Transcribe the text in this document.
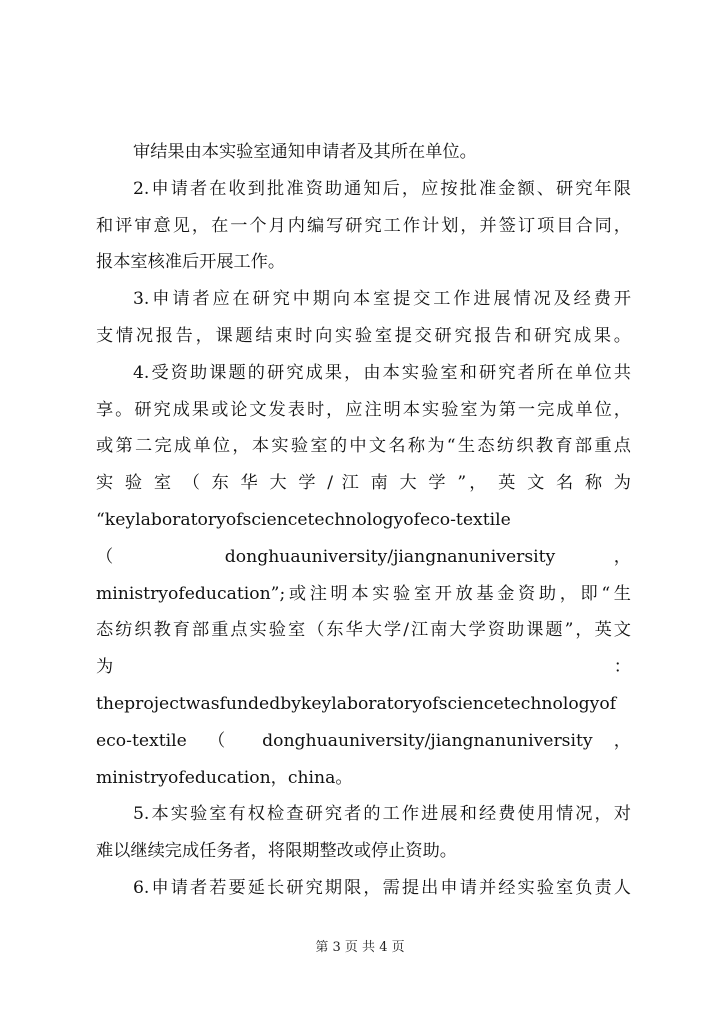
审结果由本实验室通知申请者及其所在单位。
2.申请者在收到批准资助通知后，应按批准金额、研究年限
和评审意见，在一个月内编写研究工作计划，并签订项目合同，
报本室核准后开展工作。
3.申请者应在研究中期向本室提交工作进展情况及经费开
支情况报告，课题结束时向实验室提交研究报告和研究成果。
4.受资助课题的研究成果，由本实验室和研究者所在单位共
享。研究成果或论文发表时，应注明本实验室为第一完成单位，
或第二完成单位，本实验室的中文名称为“生态纺织教育部重点
实 验 室 （ 东 华 大 学 / 江 南 大 学 ”， 英 文 名 称 为
“keylaboratoryofsciencetechnologyofeco-textile
（ donghuauniversity/jiangnanuniversity ，
ministryofeducation”;或注明本实验室开放基金资助，即“生
态纺织教育部重点实验室（东华大学/江南大学资助课题”，英文
为 ：
theprojectwasfundedbykeylaboratoryofsciencetechnologyof
eco-textile （ donghuauniversity/jiangnanuniversity ，
ministryofeducation，china。
5.本实验室有权检查研究者的工作进展和经费使用情况，对
难以继续完成任务者，将限期整改或停止资助。
6.申请者若要延长研究期限，需提出申请并经实验室负责人
第 3 页 共 4 页
